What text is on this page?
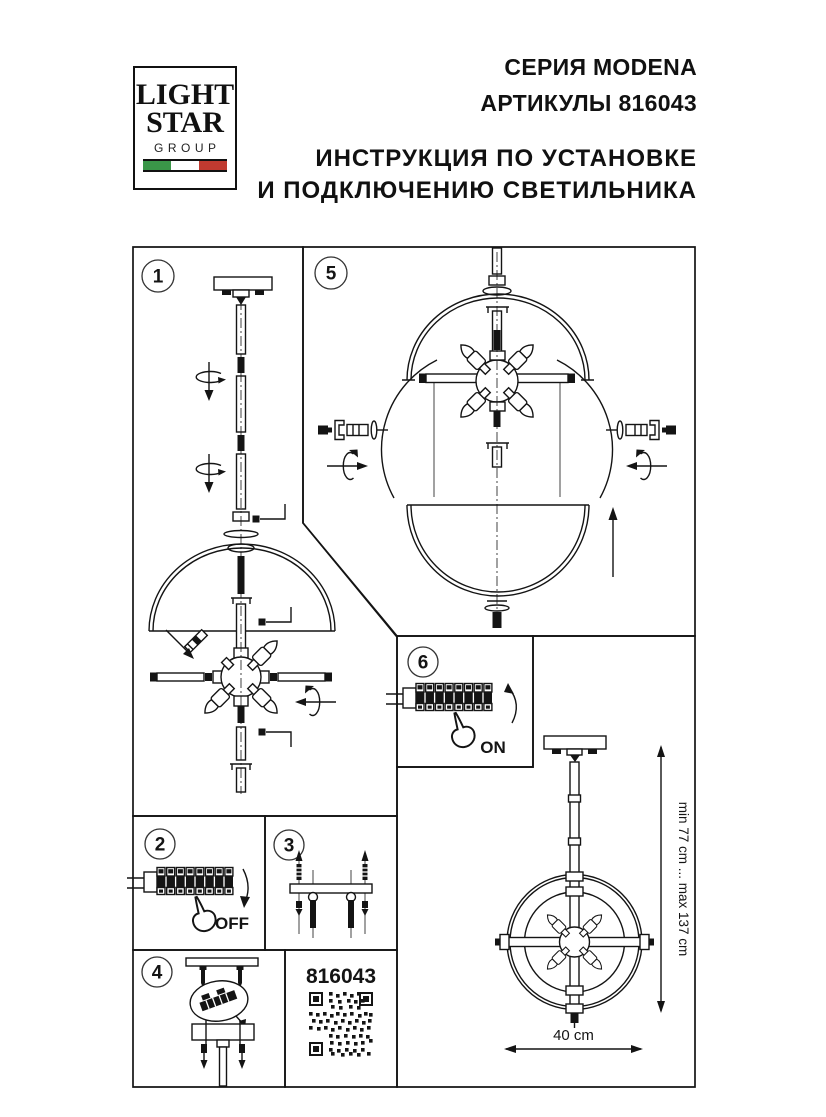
LIGHT
STAR
GROUP
СЕРИЯ MODENA
АРТИКУЛЫ 816043
ИНСТРУКЦИЯ ПО УСТАНОВКЕ
И ПОДКЛЮЧЕНИЮ СВЕТИЛЬНИКА
1	5
6
2	3
4
ON
OFF
816043
min 77 cm ... max 137 cm
40 cm
